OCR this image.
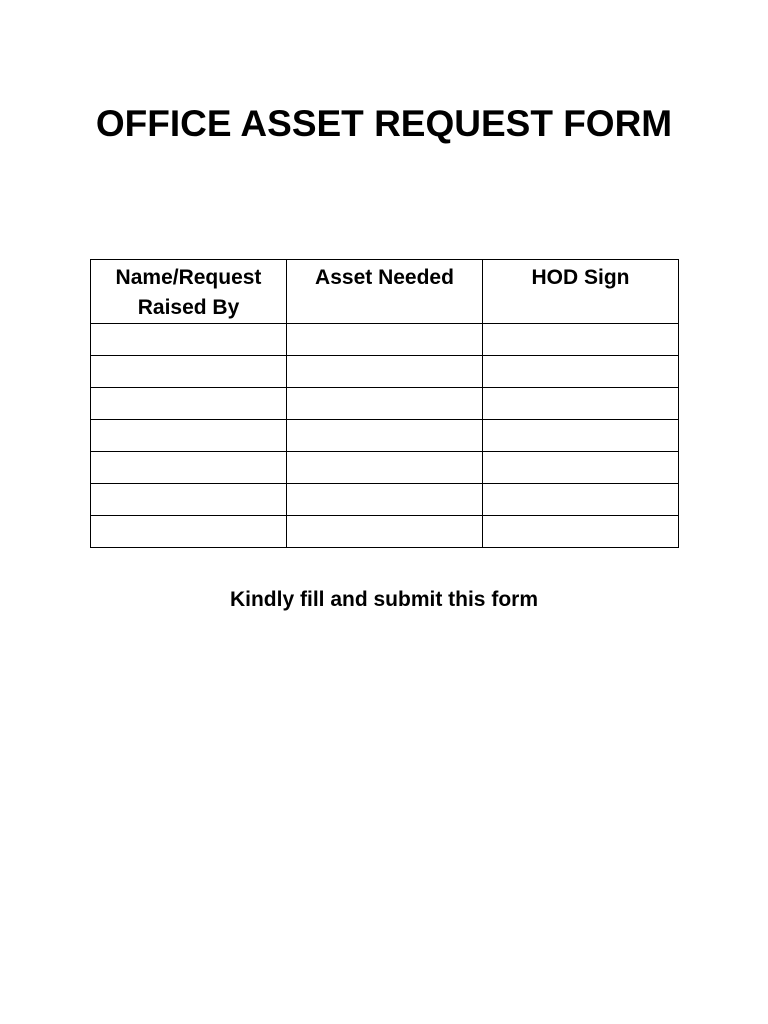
OFFICE ASSET REQUEST FORM
Name/Request Raised By	Asset Needed	HOD Sign

Kindly fill and submit this form
